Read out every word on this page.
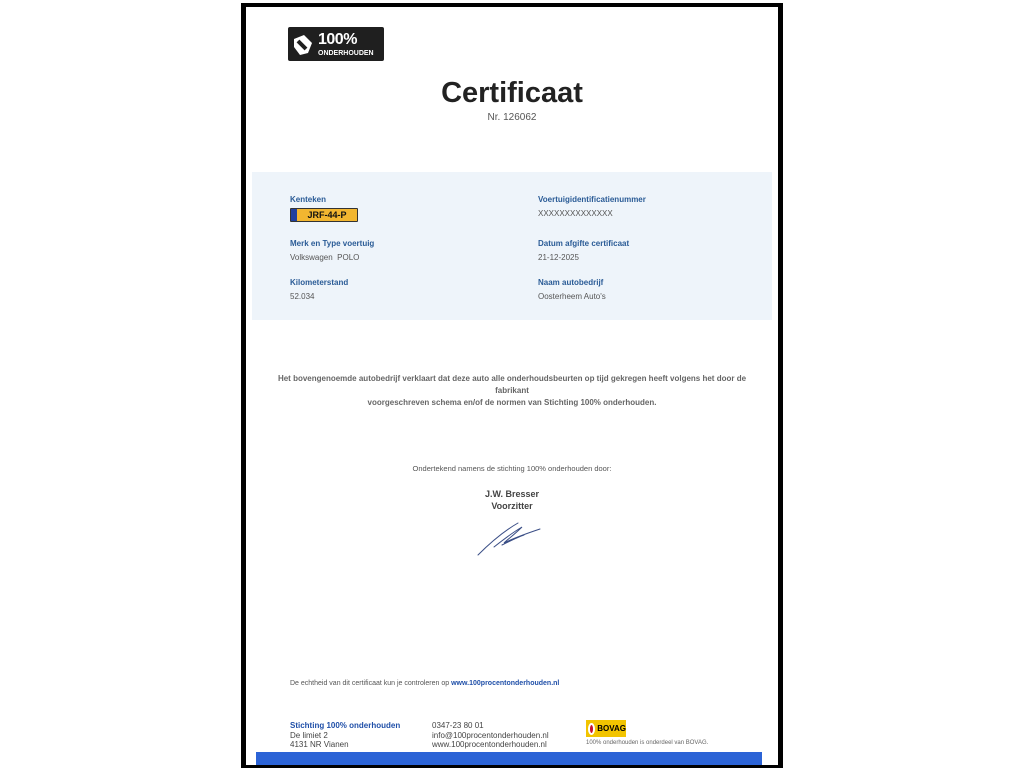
100%
ONDERHOUDEN
Certificaat
Nr. 126062
Kenteken
JRF-44-P
Voertuigidentificatienummer
XXXXXXXXXXXXXX
Merk en Type voertuig
Volkswagen  POLO
Datum afgifte certificaat
21-12-2025
Kilometerstand
52.034
Naam autobedrijf
Oosterheem Auto's
Het bovengenoemde autobedrijf verklaart dat deze auto alle onderhoudsbeurten op tijd gekregen heeft volgens het door de fabrikant
voorgeschreven schema en/of de normen van Stichting 100% onderhouden.
Ondertekend namens de stichting 100% onderhouden door:
J.W. Bresser
Voorzitter
De echtheid van dit certificaat kun je controleren op www.100procentonderhouden.nl
Stichting 100% onderhouden
De limiet 2
4131 NR Vianen
0347-23 80 01
info@100procentonderhouden.nl
www.100procentonderhouden.nl
BOVAG
100% onderhouden is onderdeel van BOVAG.
